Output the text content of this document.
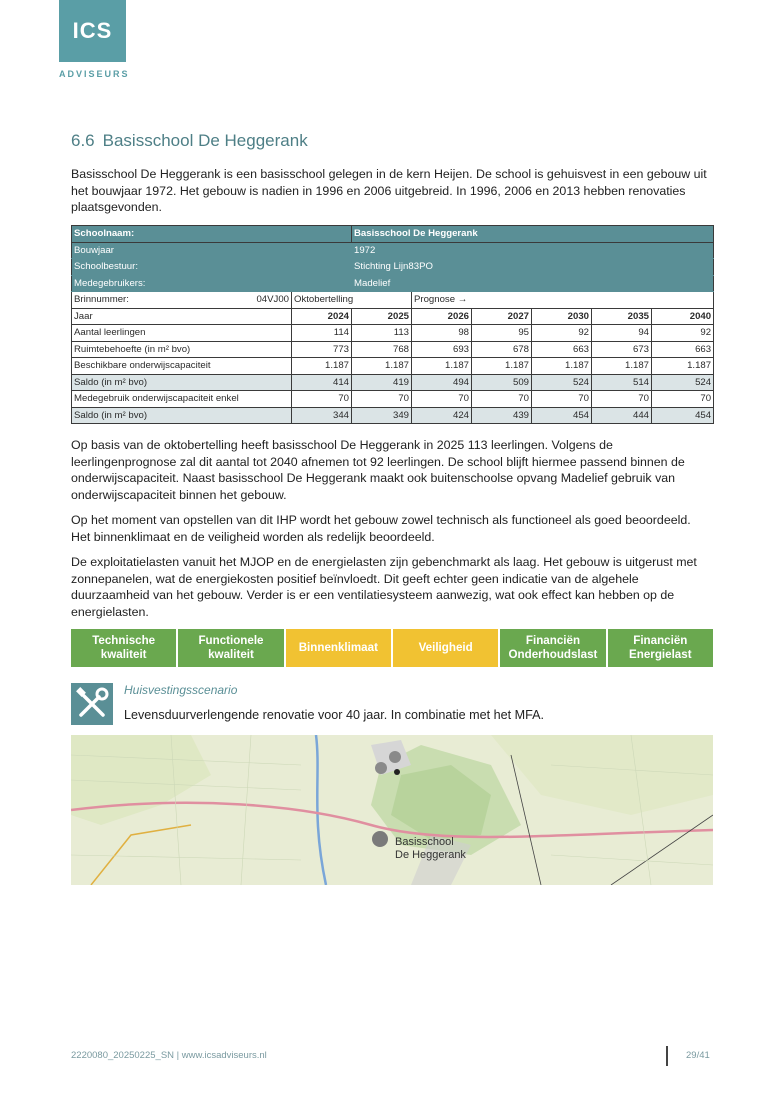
ICS
ADVISEURS
6.6 Basisschool De Heggerank
Basisschool De Heggerank is een basisschool gelegen in de kern Heijen. De school is gehuisvest in een gebouw uit het bouwjaar 1972. Het gebouw is nadien in 1996 en 2006 uitgebreid. In 1996, 2006 en 2013 hebben renovaties plaatsgevonden.
Schoolnaam:			Basisschool De Heggerank					
Bouwjaar			1972					
Schoolbestuur:			Stichting Lijn83PO					
Medegebruikers:			Madelief					
Brinnummer:	04VJ00	Oktobertelling		Prognose →				
Jaar		2024	2025	2026	2027	2030	2035	2040
Aantal leerlingen		114	113	98	95	92	94	92
Ruimtebehoefte (in m² bvo)		773	768	693	678	663	673	663
Beschikbare onderwijscapaciteit		1.187	1.187	1.187	1.187	1.187	1.187	1.187
Saldo (in m² bvo)		414	419	494	509	524	514	524
Medegebruik onderwijscapaciteit enkel		70	70	70	70	70	70	70
Saldo (in m² bvo)		344	349	424	439	454	444	454
Op basis van de oktobertelling heeft basisschool De Heggerank in 2025 113 leerlingen. Volgens de leerlingenprognose zal dit aantal tot 2040 afnemen tot 92 leerlingen. De school blijft hiermee passend binnen de onderwijscapaciteit. Naast basisschool De Heggerank maakt ook buitenschoolse opvang Madelief gebruik van onderwijscapaciteit binnen het gebouw.
Op het moment van opstellen van dit IHP wordt het gebouw zowel technisch als functioneel als goed beoordeeld. Het binnenklimaat en de veiligheid worden als redelijk beoordeeld.
De exploitatielasten vanuit het MJOP en de energielasten zijn gebenchmarkt als laag. Het gebouw is uitgerust met zonnepanelen, wat de energiekosten positief beïnvloedt. Dit geeft echter geen indicatie van de algehele duurzaamheid van het gebouw. Verder is er een ventilatiesysteem aanwezig, wat ook effect kan hebben op de energielasten.
Technische
kwaliteit
Functionele
kwaliteit
Binnenklimaat	Veiligheid
Financiën
Onderhoudslast
Financiën
Energielast
Huisvestingsscenario
Levensduurverlengende renovatie voor 40 jaar. In combinatie met het MFA.
Basisschool
De Heggerank
2220080_20250225_SN | www.icsadviseurs.nl	29/41
